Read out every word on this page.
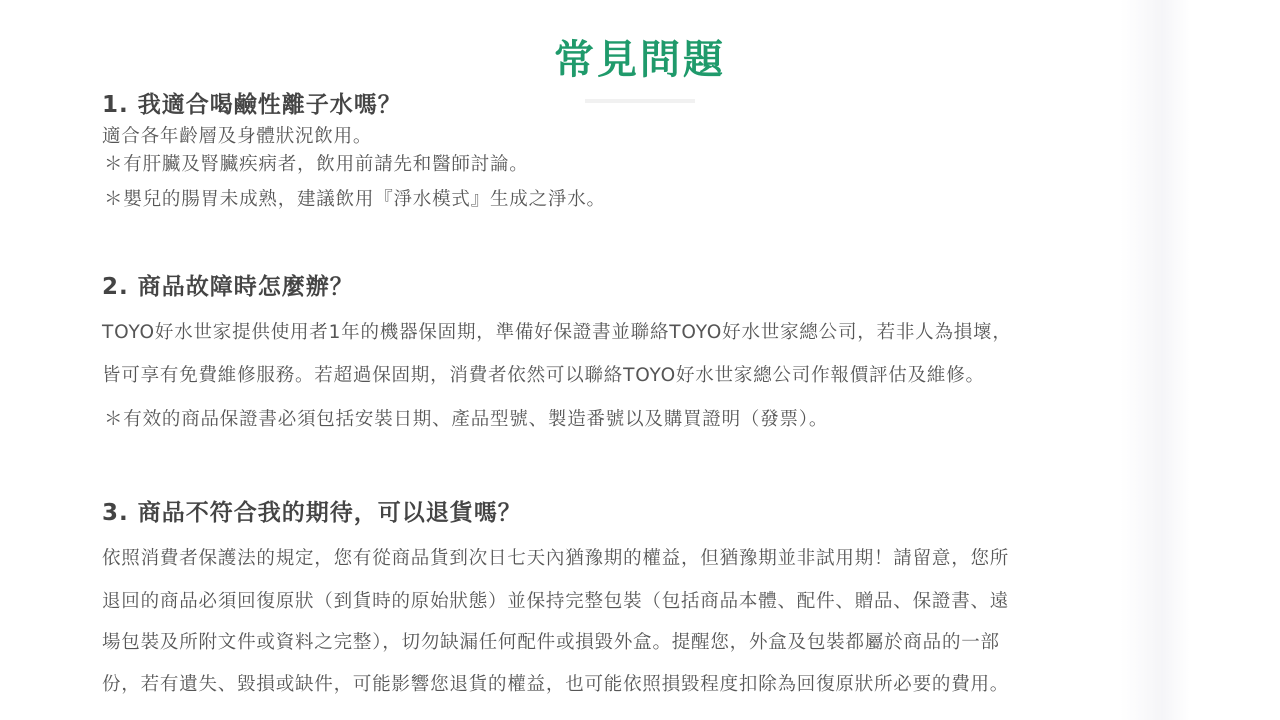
常見問題
1. 我適合喝鹼性離子水嗎？
適合各年齡層及身體狀況飲用。
＊有肝臟及腎臟疾病者，飲用前請先和醫師討論。
＊嬰兒的腸胃未成熟，建議飲用『淨水模式』生成之淨水。
2. 商品故障時怎麼辦？
TOYO好水世家提供使用者1年的機器保固期，準備好保證書並聯絡TOYO好水世家總公司，若非人為損壞，
皆可享有免費維修服務。若超過保固期，消費者依然可以聯絡TOYO好水世家總公司作報價評估及維修。
＊有效的商品保證書必須包括安裝日期、產品型號、製造番號以及購買證明（發票）。
3. 商品不符合我的期待，可以退貨嗎？
依照消費者保護法的規定，您有從商品貨到次日七天內猶豫期的權益，但猶豫期並非試用期！請留意，您所
退回的商品必須回復原狀（到貨時的原始狀態）並保持完整包裝（包括商品本體、配件、贈品、保證書、遠
場包裝及所附文件或資料之完整），切勿缺漏任何配件或損毀外盒。提醒您，外盒及包裝都屬於商品的一部
份，若有遺失、毀損或缺件，可能影響您退貨的權益，也可能依照損毀程度扣除為回復原狀所必要的費用。
